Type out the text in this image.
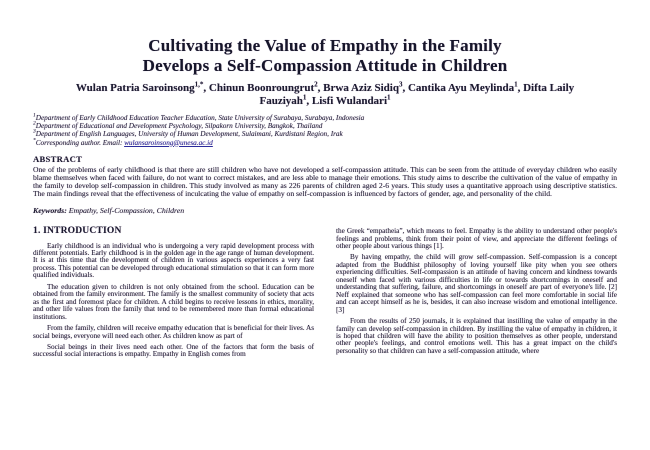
Cultivating the Value of Empathy in the Family
Develops a Self-Compassion Attitude in Children
Wulan Patria Saroinsong$^{1,*}$, Chinun Boonroungrut$^2$, Brwa Aziz Sidiq$^3$, Cantika Ayu Meylinda$^1$, Difta Laily Fauziyah$^1$, Lisfi Wulandari$^1$
$^1$Department of Early Childhood Education Teacher Education, State University of Surabaya, Surabaya, Indonesia
$^2$Department of Educational and Development Psychology, Silpakorn University, Bangkok, Thailand
$^3$Department of English Languages, University of Human Development, Sulaimani, Kurdistani Region, Irak
*Corresponding author. Email: wulansaroinsong@unesa.ac.id
ABSTRACT
One of the problems of early childhood is that there are still children who have not developed a self-compassion attitude. This can be seen from the attitude of everyday children who easily blame themselves when faced with failure, do not want to correct mistakes, and are less able to manage their emotions. This study aims to describe the cultivation of the value of empathy in the family to develop self-compassion in children. This study involved as many as 226 parents of children aged 2-6 years. This study uses a quantitative approach using descriptive statistics. The main findings reveal that the effectiveness of inculcating the value of empathy on self-compassion is influenced by factors of gender, age, and personality of the child.
Keywords: Empathy, Self-Compassion, Children
1. INTRODUCTION

Early childhood is an individual who is undergoing a very rapid development process with different potentials. Early childhood is in the golden age in the age range of human development. It is at this time that the development of children in various aspects experiences a very fast process. This potential can be developed through educational stimulation so that it can form more qualified individuals.

The education given to children is not only obtained from the school. Education can be obtained from the family environment. The family is the smallest community of society that acts as the first and foremost place for children. A child begins to receive lessons in ethics, morality, and other life values from the family that tend to be remembered more than formal educational institutions.

From the family, children will receive empathy education that is beneficial for their lives. As social beings, everyone will need each other. As children know as part of

Social beings in their lives need each other. One of the factors that form the basis of successful social interactions is empathy. Empathy in English comes from

the Greek “empatheia”, which means to feel. Empathy is the ability to understand other people's feelings and problems, think from their point of view, and appreciate the different feelings of other people about various things [1].

By having empathy, the child will grow self-compassion. Self-compassion is a concept adapted from the Buddhist philosophy of loving yourself like pity when you see others experiencing difficulties. Self-compassion is an attitude of having concern and kindness towards oneself when faced with various difficulties in life or towards shortcomings in oneself and understanding that suffering, failure, and shortcomings in oneself are part of everyone's life. [2] Neff explained that someone who has self-compassion can feel more comfortable in social life and can accept himself as he is, besides, it can also increase wisdom and emotional intelligence. [3]

From the results of 250 journals, it is explained that instilling the value of empathy in the family can develop self-compassion in children. By instilling the value of empathy in children, it is hoped that children will have the ability to position themselves as other people, understand other people's feelings, and control emotions well. This has a great impact on the child's personality so that children can have a self-compassion attitude, where
